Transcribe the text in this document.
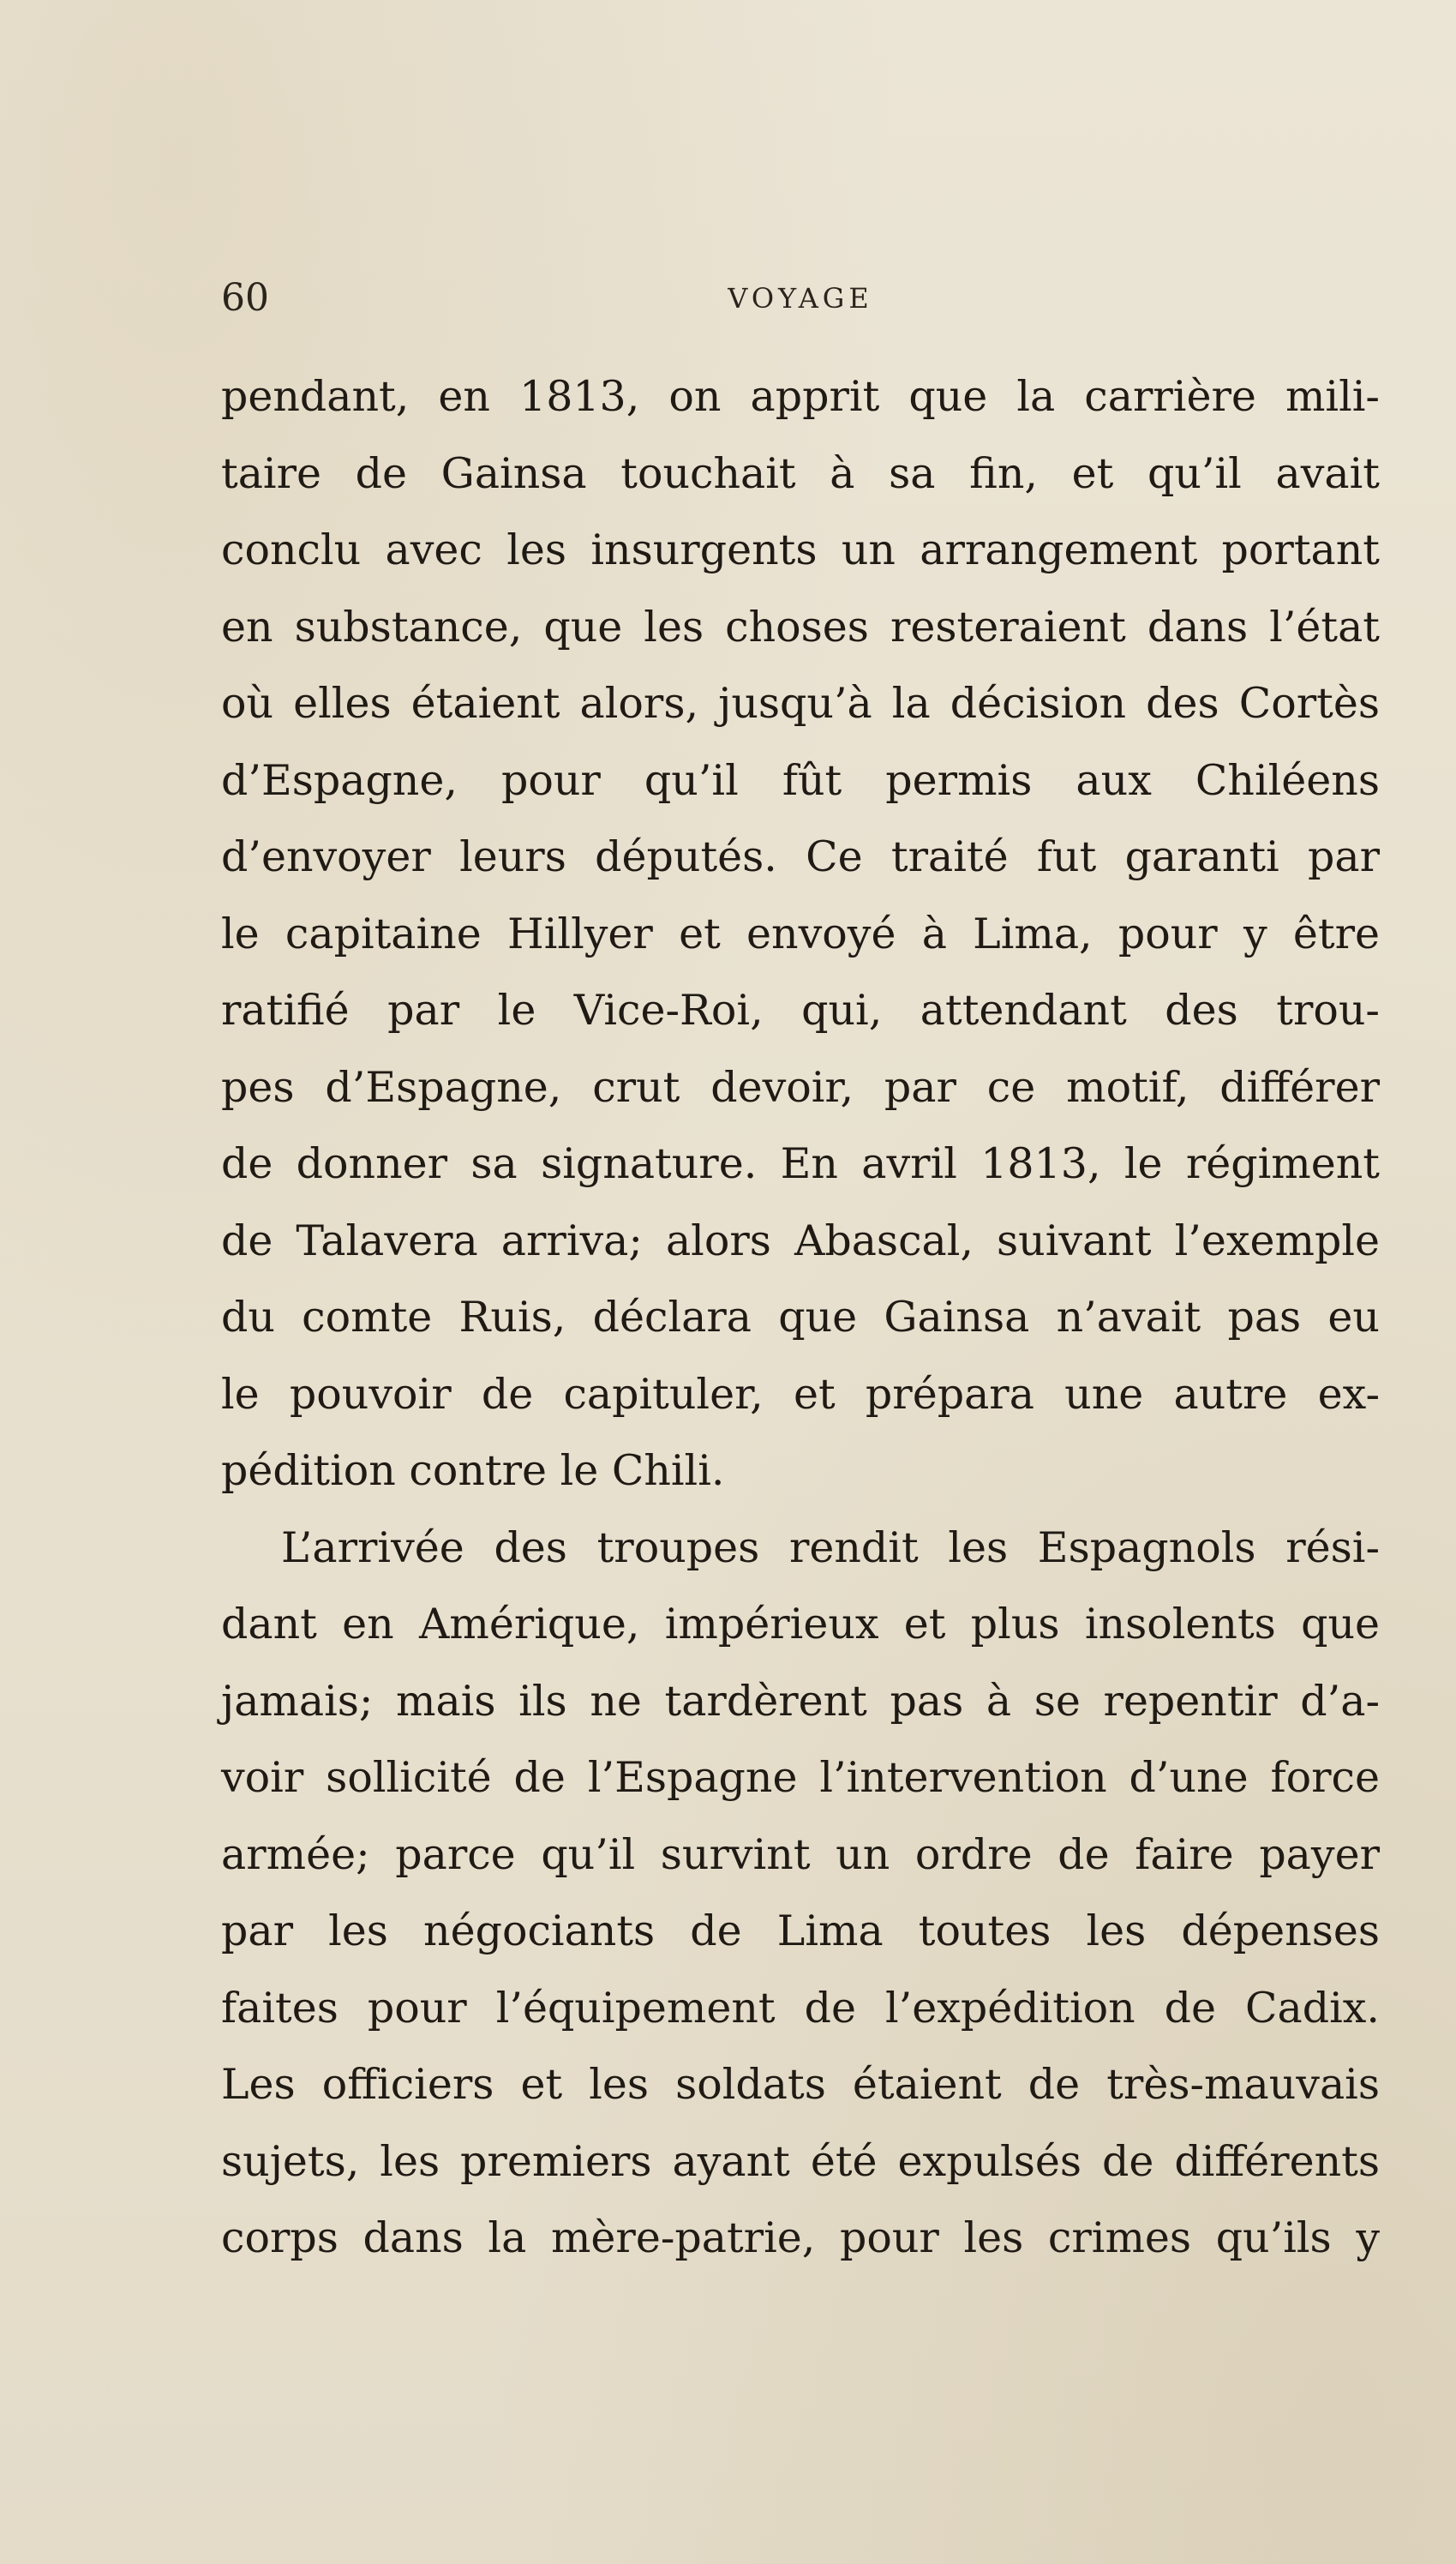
60	VOYAGE
pendant, en 1813, on apprit que la carrière mili-
taire de Gainsa touchait à sa fin, et qu’il avait
conclu avec les insurgents un arrangement portant
en substance, que les choses resteraient dans l’état
où elles étaient alors, jusqu’à la décision des Cortès
d’Espagne, pour qu’il fût permis aux Chiléens
d’envoyer leurs députés. Ce traité fut garanti par
le capitaine Hillyer et envoyé à Lima, pour y être
ratifié par le Vice-Roi, qui, attendant des trou-
pes d’Espagne, crut devoir, par ce motif, différer
de donner sa signature. En avril 1813, le régiment
de Talavera arriva; alors Abascal, suivant l’exemple
du comte Ruis, déclara que Gainsa n’avait pas eu
le pouvoir de capituler, et prépara une autre ex-
pédition contre le Chili.
L’arrivée des troupes rendit les Espagnols rési-
dant en Amérique, impérieux et plus insolents que
jamais; mais ils ne tardèrent pas à se repentir d’a-
voir sollicité de l’Espagne l’intervention d’une force
armée; parce qu’il survint un ordre de faire payer
par les négociants de Lima toutes les dépenses
faites pour l’équipement de l’expédition de Cadix.
Les officiers et les soldats étaient de très-mauvais
sujets, les premiers ayant été expulsés de différents
corps dans la mère-patrie, pour les crimes qu’ils y
